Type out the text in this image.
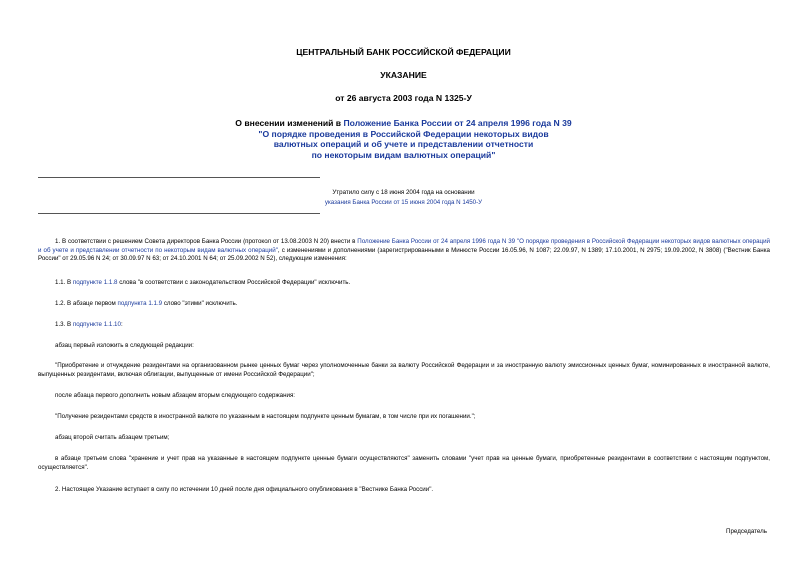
ЦЕНТРАЛЬНЫЙ БАНК РОССИЙСКОЙ ФЕДЕРАЦИИ
УКАЗАНИЕ
от 26 августа 2003 года N 1325-У
О внесении изменений в Положение Банка России от 24 апреля 1996 года N 39
"О порядке проведения в Российской Федерации некоторых видов
валютных операций и об учете и представлении отчетности
по некоторым видам валютных операций"
Утратило силу с 18 июня 2004 года на основании
указания Банка России от 15 июня 2004 года N 1450-У
1. В соответствии с решением Совета директоров Банка России (протокол от 13.08.2003 N 20) внести в Положение Банка России от 24 апреля 1996 года N 39 "О порядке проведения в Российской Федерации некоторых видов валютных операций и об учете и представлении отчетности по некоторым видам валютных операций", с изменениями и дополнениями (зарегистрированными в Минюсте России 16.05.96, N 1087; 22.09.97, N 1389; 17.10.2001, N 2975; 19.09.2002, N 3808) ("Вестник Банка России" от 29.05.96 N 24; от 30.09.97 N 63; от 24.10.2001 N 64; от 25.09.2002 N 52), следующие изменения:
1.1. В подпункте 1.1.8 слова "в соответствии с законодательством Российской Федерации" исключить.
1.2. В абзаце первом подпункта 1.1.9 слово "этими" исключить.
1.3. В подпункте 1.1.10:
абзац первый изложить в следующей редакции:
"Приобретение и отчуждение резидентами на организованном рынке ценных бумаг через уполномоченные банки за валюту Российской Федерации и за иностранную валюту эмиссионных ценных бумаг, номинированных в иностранной валюте, выпущенных резидентами, включая облигации, выпущенные от имени Российской Федерации";
после абзаца первого дополнить новым абзацем вторым следующего содержания:
"Получение резидентами средств в иностранной валюте по указанным в настоящем подпункте ценным бумагам, в том числе при их погашении.";
абзац второй считать абзацем третьим;
в абзаце третьем слова "хранение и учет прав на указанные в настоящем подпункте ценные бумаги осуществляются" заменить словами "учет прав на ценные бумаги, приобретенные резидентами в соответствии с настоящим подпунктом, осуществляется".
2. Настоящее Указание вступает в силу по истечении 10 дней после дня официального опубликования в "Вестнике Банка России".
Председатель
